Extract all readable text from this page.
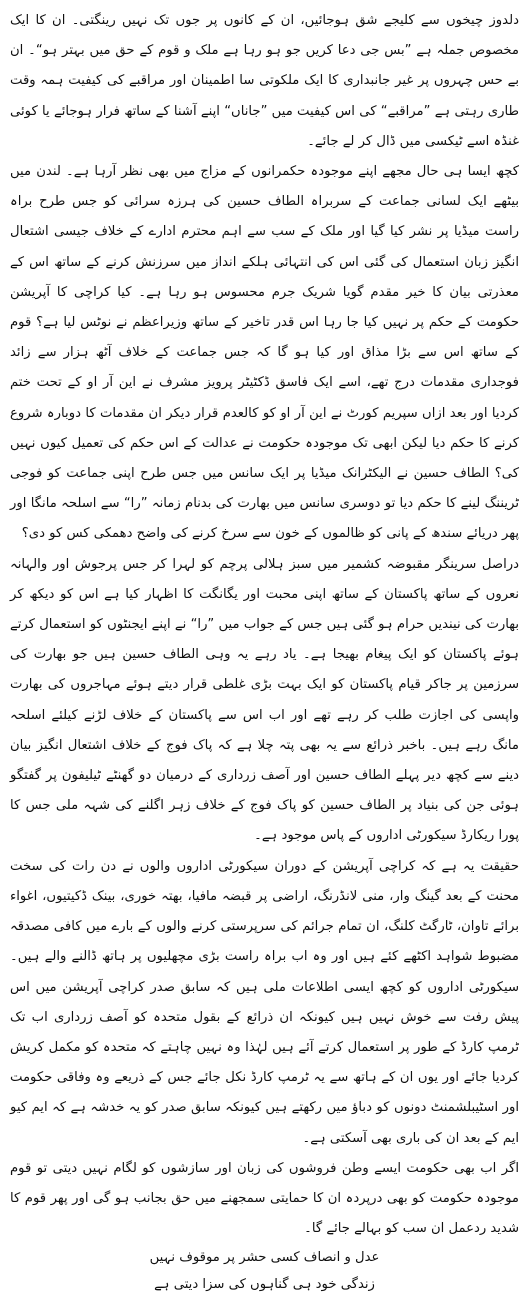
دلدوز چیخوں سے کلیجے شق ہوجائیں، ان کے کانوں پر جوں تک نہیں رینگتی۔ ان کا ایک مخصوص جملہ ہے ”بس جی دعا کریں جو ہو رہا ہے ملک و قوم کے حق میں بہتر ہو“۔ ان بے حس چہروں پر غیر جانبداری کا ایک ملکوتی سا اطمینان اور مراقبے کی کیفیت ہمہ وقت طاری رہتی ہے ”مراقبے“ کی اس کیفیت میں ”جاناں“ اپنے آشنا کے ساتھ فرار ہوجائے یا کوئی غنڈہ اسے ٹیکسی میں ڈال کر لے جائے۔

کچھ ایسا ہی حال مجھے اپنے موجودہ حکمرانوں کے مزاج میں بھی نظر آرہا ہے۔ لندن میں بیٹھے ایک لسانی جماعت کے سربراہ الطاف حسین کی ہرزہ سرائی کو جس طرح براہ راست میڈیا پر نشر کیا گیا اور ملک کے سب سے اہم محترم ادارے کے خلاف جیسی اشتعال انگیز زبان استعمال کی گئی اس کی انتہائی ہلکے انداز میں سرزنش کرنے کے ساتھ اس کے معذرتی بیان کا خیر مقدم گویا شریک جرم محسوس ہو رہا ہے۔ کیا کراچی کا آپریشن حکومت کے حکم پر نہیں کیا جا رہا اس قدر تاخیر کے ساتھ وزیراعظم نے نوٹس لیا ہے؟ قوم کے ساتھ اس سے بڑا مذاق اور کیا ہو گا کہ جس جماعت کے خلاف آٹھ ہزار سے زائد فوجداری مقدمات درج تھے، اسے ایک فاسق ڈکٹیٹر پرویز مشرف نے این آر او کے تحت ختم کردیا اور بعد ازاں سپریم کورٹ نے این آر او کو کالعدم قرار دیکر ان مقدمات کا دوبارہ شروع کرنے کا حکم دیا لیکن ابھی تک موجودہ حکومت نے عدالت کے اس حکم کی تعمیل کیوں نہیں کی؟ الطاف حسین نے الیکٹرانک میڈیا پر ایک سانس میں جس طرح اپنی جماعت کو فوجی ٹریننگ لینے کا حکم دیا تو دوسری سانس میں بھارت کی بدنام زمانہ ”را“ سے اسلحہ مانگا اور پھر دریائے سندھ کے پانی کو ظالموں کے خون سے سرخ کرنے کی واضح دھمکی کس کو دی؟

دراصل سرینگر مقبوضہ کشمیر میں سبز ہلالی پرچم کو لہرا کر جس پرجوش اور والہانہ نعروں کے ساتھ پاکستان کے ساتھ اپنی محبت اور یگانگت کا اظہار کیا ہے اس کو دیکھ کر بھارت کی نیندیں حرام ہو گئی ہیں جس کے جواب میں ”را“ نے اپنے ایجنٹوں کو استعمال کرتے ہوئے پاکستان کو ایک پیغام بھیجا ہے۔ یاد رہے یہ وہی الطاف حسین ہیں جو بھارت کی سرزمین پر جاکر قیام پاکستان کو ایک بہت بڑی غلطی قرار دیتے ہوئے مہاجروں کی بھارت واپسی کی اجازت طلب کر رہے تھے اور اب اس سے پاکستان کے خلاف لڑنے کیلئے اسلحہ مانگ رہے ہیں۔ باخبر ذرائع سے یہ بھی پتہ چلا ہے کہ پاک فوج کے خلاف اشتعال انگیز بیان دینے سے کچھ دیر پہلے الطاف حسین اور آصف زرداری کے درمیان دو گھنٹے ٹیلیفون پر گفتگو ہوئی جن کی بنیاد پر الطاف حسین کو پاک فوج کے خلاف زہر اگلنے کی شہہ ملی جس کا پورا ریکارڈ سیکورٹی اداروں کے پاس موجود ہے۔

حقیقت یہ ہے کہ کراچی آپریشن کے دوران سیکورٹی اداروں والوں نے دن رات کی سخت محنت کے بعد گینگ وار، منی لانڈرنگ، اراضی پر قبضہ مافیا، بھتہ خوری، بینک ڈکیتیوں، اغواء برائے تاوان، ٹارگٹ کلنگ، ان تمام جرائم کی سرپرستی کرنے والوں کے بارے میں کافی مصدقہ مضبوط شواہد اکٹھے کئے ہیں اور وہ اب براہ راست بڑی مچھلیوں پر ہاتھ ڈالنے والے ہیں۔ سیکورٹی اداروں کو کچھ ایسی اطلاعات ملی ہیں کہ سابق صدر کراچی آپریشن میں اس پیش رفت سے خوش نہیں ہیں کیونکہ ان ذرائع کے بقول متحدہ کو آصف زرداری اب تک ٹرمپ کارڈ کے طور پر استعمال کرتے آئے ہیں لہٰذا وہ نہیں چاہتے کہ متحدہ کو مکمل کریش کردیا جائے اور یوں ان کے ہاتھ سے یہ ٹرمپ کارڈ نکل جائے جس کے ذریعے وہ وفاقی حکومت اور اسٹیبلشمنٹ دونوں کو دباؤ میں رکھتے ہیں کیونکہ سابق صدر کو یہ خدشہ ہے کہ ایم کیو ایم کے بعد ان کی باری بھی آسکتی ہے۔

اگر اب بھی حکومت ایسے وطن فروشوں کی زبان اور سازشوں کو لگام نہیں دیتی تو قوم موجودہ حکومت کو بھی درپردہ ان کا حمایتی سمجھنے میں حق بجانب ہو گی اور پھر قوم کا شدید ردعمل ان سب کو بہالے جائے گا۔

عدل و انصاف کسی حشر پر موقوف نہیں

زندگی خود ہی گناہوں کی سزا دیتی ہے
